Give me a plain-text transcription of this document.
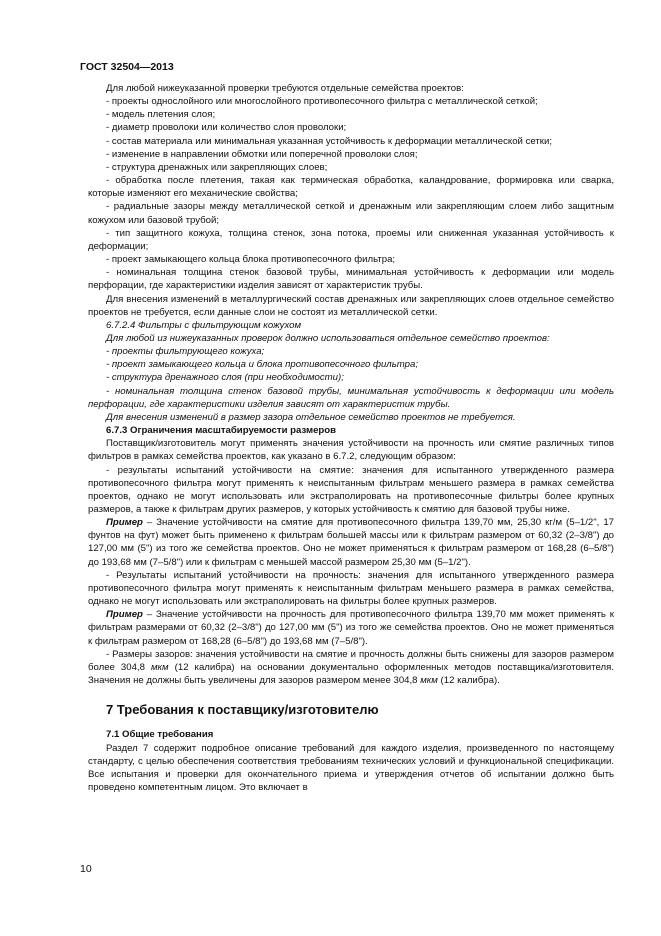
ГОСТ 32504—2013

Для любой нижеуказанной проверки требуются отдельные семейства проектов:

- проекты однослойного или многослойного противопесочного фильтра с металлической сеткой;

- модель плетения слоя;

- диаметр проволоки или количество слоя проволоки;

- состав материала или минимальная указанная устойчивость к деформации металлической сетки;

- изменение в направлении обмотки или поперечной проволоки слоя;

- структура дренажных или закрепляющих слоев;

- обработка после плетения, такая как термическая обработка, каландрование, формировка или сварка, которые изменяют его механические свойства;

- радиальные зазоры между металлической сеткой и дренажным или закрепляющим слоем либо защитным кожухом или базовой трубой;

- тип защитного кожуха, толщина стенок, зона потока, проемы или сниженная указанная устойчивость к деформации;

- проект замыкающего кольца блока противопесочного фильтра;

- номинальная толщина стенок базовой трубы, минимальная устойчивость к деформации или модель перфорации, где характеристики изделия зависят от характеристик трубы.

Для внесения изменений в металлургический состав дренажных или закрепляющих слоев отдельное семейство проектов не требуется, если данные слои не состоят из металлической сетки.

6.7.2.4 Фильтры с фильтрующим кожухом

Для любой из нижеуказанных проверок должно использоваться отдельное семейство проектов:

- проекты фильтрующего кожуха;

- проект замыкающего кольца и блока противопесочного фильтра;

- структура дренажного слоя (при необходимости);

- номинальная толщина стенок базовой трубы, минимальная устойчивость к деформации или модель перфорации, где характеристики изделия зависят от характеристик трубы.

Для внесения изменений в размер зазора отдельное семейство проектов не требуется.

6.7.3 Ограничения масштабируемости размеров

Поставщик/изготовитель могут применять значения устойчивости на прочность или смятие различных типов фильтров в рамках семейства проектов, как указано в 6.7.2, следующим образом:

- результаты испытаний устойчивости на смятие: значения для испытанного утвержденного размера противопесочного фильтра могут применять к неиспытанным фильтрам меньшего размера в рамках семейства проектов, однако не могут использовать или экстраполировать на противопесочные фильтры более крупных размеров, а также к фильтрам других размеров, у которых устойчивость к смятию для базовой трубы ниже.

Пример – Значение устойчивости на смятие для противопесочного фильтра 139,70 мм, 25,30 кг/м (5–1/2", 17 фунтов на фут) может быть применено к фильтрам большей массы или к фильтрам размером от 60,32 (2–3/8") до 127,00 мм (5") из того же семейства проектов. Оно не может применяться к фильтрам размером от 168,28 (6–5/8") до 193,68 мм (7–5/8") или к фильтрам с меньшей массой размером 25,30 мм (5–1/2").

- Результаты испытаний устойчивости на прочность: значения для испытанного утвержденного размера противопесочного фильтра могут применять к неиспытанным фильтрам меньшего размера в рамках семейства, однако не могут использовать или экстраполировать на фильтры более крупных размеров.

Пример – Значение устойчивости на прочность для противопесочного фильтра 139,70 мм может применять к фильтрам размерами от 60,32 (2–3/8") до 127,00 мм (5") из того же семейства проектов. Оно не может применяться к фильтрам размером от 168,28 (6–5/8") до 193,68 мм (7–5/8").

- Размеры зазоров: значения устойчивости на смятие и прочность должны быть снижены для зазоров размером более 304,8 мкм (12 калибра) на основании документально оформленных методов поставщика/изготовителя. Значения не должны быть увеличены для зазоров размером менее 304,8 мкм (12 калибра).

7 Требования к поставщику/изготовителю

7.1 Общие требования

Раздел 7 содержит подробное описание требований для каждого изделия, произведенного по настоящему стандарту, с целью обеспечения соответствия требованиям технических условий и функциональной спецификации. Все испытания и проверки для окончательного приема и утверждения отчетов об испытании должно быть проведено компетентным лицом. Это включает в

10
